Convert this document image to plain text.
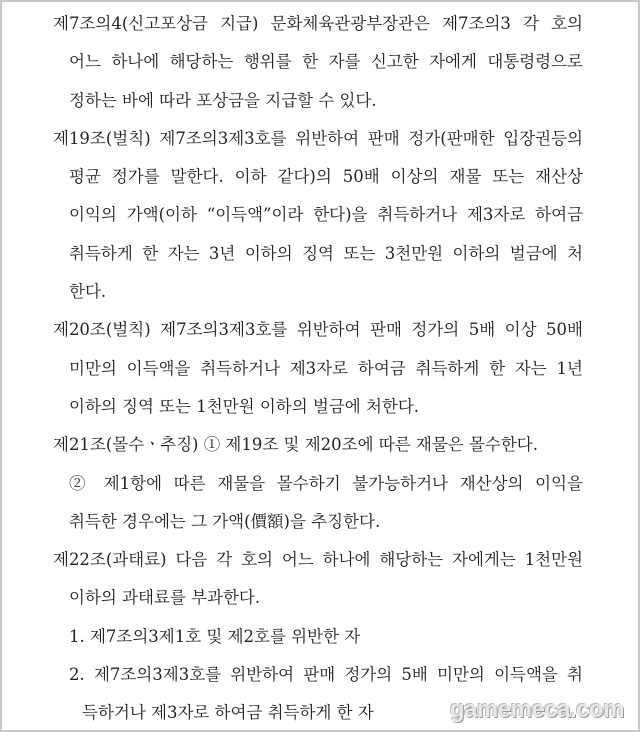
제7조의4(신고포상금 지급) 문화체육관광부장관은 제7조의3 각 호의
어느 하나에 해당하는 행위를 한 자를 신고한 자에게 대통령령으로
정하는 바에 따라 포상금을 지급할 수 있다.
제19조(벌칙) 제7조의3제3호를 위반하여 판매 정가(판매한 입장권등의
평균 정가를 말한다. 이하 같다)의 50배 이상의 재물 또는 재산상
이익의 가액(이하 “이득액”이라 한다)을 취득하거나 제3자로 하여금
취득하게 한 자는 3년 이하의 징역 또는 3천만원 이하의 벌금에 처
한다.
제20조(벌칙) 제7조의3제3호를 위반하여 판매 정가의 5배 이상 50배
미만의 이득액을 취득하거나 제3자로 하여금 취득하게 한 자는 1년
이하의 징역 또는 1천만원 이하의 벌금에 처한다.
제21조(몰수ㆍ추징) ① 제19조 및 제20조에 따른 재물은 몰수한다.
② 제1항에 따른 재물을 몰수하기 불가능하거나 재산상의 이익을
취득한 경우에는 그 가액(價額)을 추징한다.
제22조(과태료) 다음 각 호의 어느 하나에 해당하는 자에게는 1천만원
이하의 과태료를 부과한다.
1. 제7조의3제1호 및 제2호를 위반한 자
2. 제7조의3제3호를 위반하여 판매 정가의 5배 미만의 이득액을 취
득하거나 제3자로 하여금 취득하게 한 자	gamemeca.com
